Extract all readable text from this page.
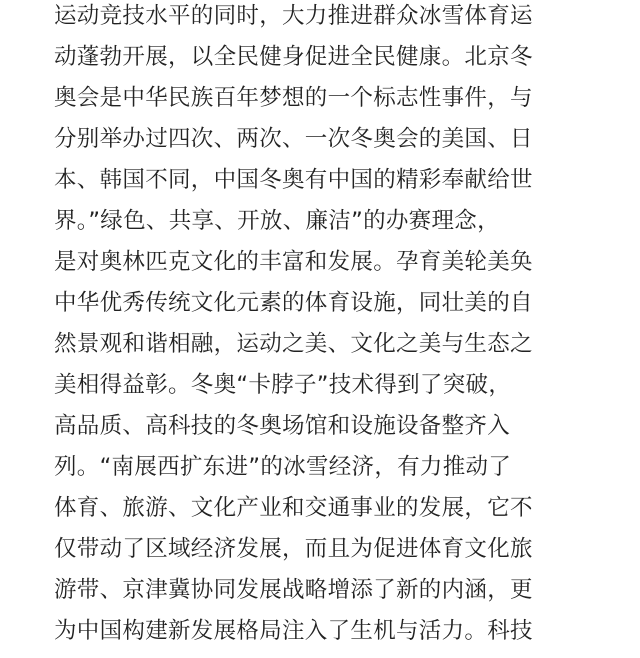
运动竞技水平的同时，大力推进群众冰雪体育运
动蓬勃开展，以全民健身促进全民健康。北京冬
奥会是中华民族百年梦想的一个标志性事件，与
分别举办过四次、两次、一次冬奥会的美国、日
本、韩国不同，中国冬奥有中国的精彩奉献给世
界。”绿色、共享、开放、廉洁”的办赛理念，
是对奥林匹克文化的丰富和发展。孕育美轮美奂
中华优秀传统文化元素的体育设施，同壮美的自
然景观和谐相融，运动之美、文化之美与生态之
美相得益彰。冬奥“卡脖子”技术得到了突破，
高品质、高科技的冬奥场馆和设施设备整齐入
列。“南展西扩东进”的冰雪经济，有力推动了
体育、旅游、文化产业和交通事业的发展，它不
仅带动了区域经济发展，而且为促进体育文化旅
游带、京津冀协同发展战略增添了新的内涵，更
为中国构建新发展格局注入了生机与活力。科技
